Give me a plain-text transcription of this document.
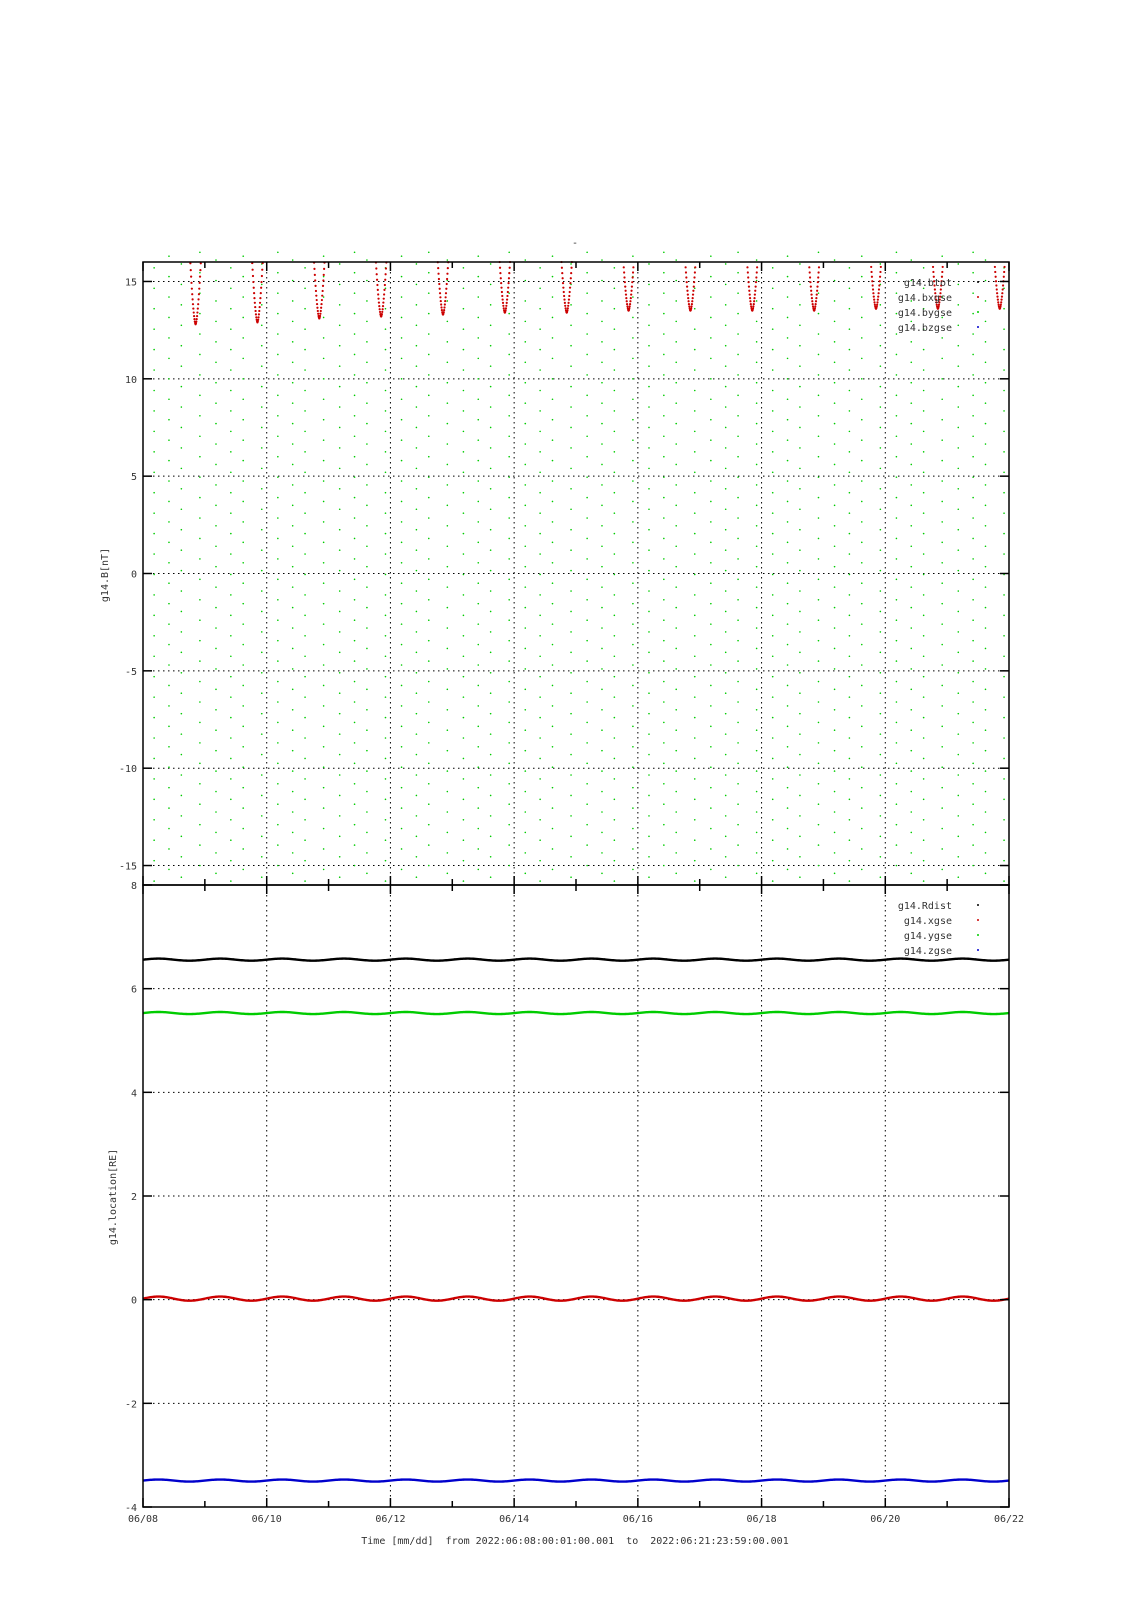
-
-15
-10
-5
0
5
10
15
g14.B[nT]
g14.btot
g14.bxgse
g14.bygse
g14.bzgse
-4
-2
0
2
4
6
8
06/08	06/10	06/12	06/14	06/16	06/18	06/20	06/22
g14.location[RE]
Time [mm/dd]  from 2022:06:08:00:01:00.001  to  2022:06:21:23:59:00.001
g14.Rdist
g14.xgse
g14.ygse
g14.zgse
